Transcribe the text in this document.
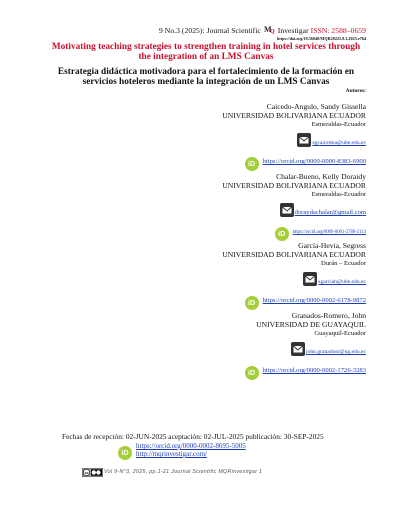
9 No.3 (2025): Journal Scientific M
Q Investigar ISSN: 2588–0659
https://doi.org/10.56048/MQR20225.9.3.2025.e764
Motivating teaching strategies to strengthen training in hotel services through the integration of an LMS Canvas
Estrategia didáctica motivadora para el fortalecimiento de la formación en servicios hoteleros mediante la integración de un LMS Canvas
Autores:
Caicedo-Angulo, Sandy Gissella
UNIVERSIDAD BOLIVARIANA ECUADOR
Esmeraldas-Ecuador
sgcaicedoa@ube.edu.ec
iD https://orcid.org/0009-0000-8383-6900
Chalar-Bueno, Kelly Doraidy
UNIVERSIDAD BOLIVARIANA ECUADOR
Esmeraldas-Ecuador
doraydachalar@gmail.com
iD https://orcid.org/0009-0001-2780-2113
García-Hevia, Segress
UNIVERSIDAD BOLIVARIANA ECUADOR
Durán – Ecuador
sgarciah@ube.edu.ec
iD https://orcid.org/0000-0002-6178-9872
Granados-Romero, John
UNIVERSIDAD DE GUAYAQUIL
Guayaquil-Ecuador
john.granadosr@ug.edu.ec
iD https://orcid.org/0000-0002-1726-3283
Fechas de recepción: 02-JUN-2025 aceptación: 02-JUL-2025 publicación: 30-SEP-2025
iD
https://orcid.org/0000-0002-8695-5005
http://mqrinvestigar.com/
cc	Vol 9-N°3, 2025, pp.1-21 Journal Scientific MQRinvestigar 1
